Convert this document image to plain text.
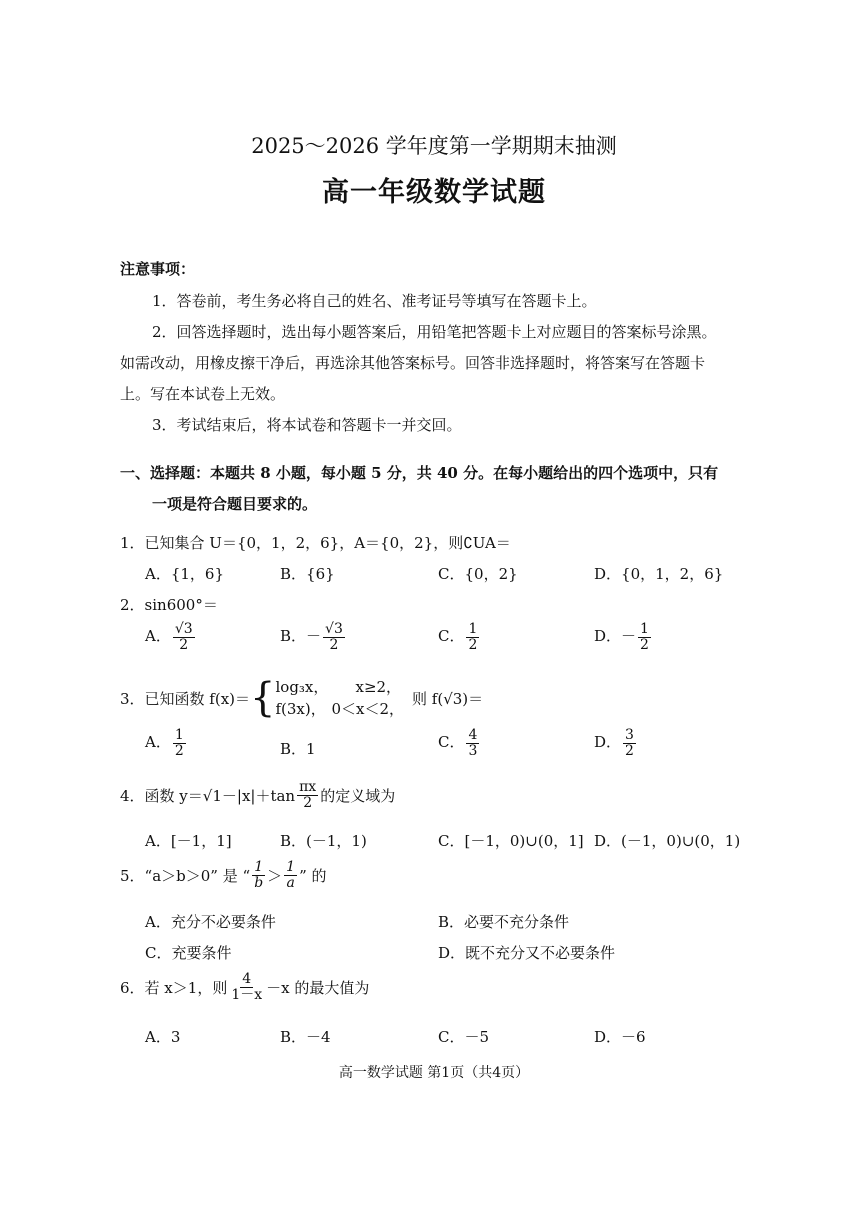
2025～2026 学年度第一学期期末抽测
高一年级数学试题
注意事项：
1．答卷前，考生务必将自己的姓名、准考证号等填写在答题卡上。
2．回答选择题时，选出每小题答案后，用铅笔把答题卡上对应题目的答案标号涂黑。
如需改动，用橡皮擦干净后，再选涂其他答案标号。回答非选择题时，将答案写在答题卡
上。写在本试卷上无效。
3．考试结束后，将本试卷和答题卡一并交回。
一、选择题：本题共 8 小题，每小题 5 分，共 40 分。在每小题给出的四个选项中，只有
一项是符合题目要求的。
1．已知集合 U＝{0，1，2，6}，A＝{0，2}，则∁UA＝
A．{1，6}	B．{6}	C．{0，2}	D．{0，1，2，6}
2．sin600°＝
A． $\frac{√3}{2}$	B．－ $\frac{√3}{2}$	C． $\frac{1}{2}$	D．－ $\frac{1}{2}$
3．已知函数 f(x)＝ { log₃x， x≥2，
f(3x)， 0＜x＜2，
则 f(√3)＝
A． $\frac{1}{2}$	B．1	C． $\frac{4}{3}$	D． $\frac{3}{2}$
4．函数 $y=√1-|x|+\tan \frac{\pi x}{2}$ 的定义域为
A．[－1，1]	B．(－1，1)	C．[－1，0)∪(0，1] D．(－1，0)∪(0，1)
5．“a＞b＞0” 是 “ $\frac{1}{b} > \frac{1}{a}$ ” 的
A．充分不必要条件	B．必要不充分条件
C．充要条件	D．既不充分又不必要条件
6．若 x＞1，则 $\frac{4}{1-x} -x$ 的最大值为
A．3	B．－4	C．－5	D．－6
高一数学试题 第1页（共4页）
